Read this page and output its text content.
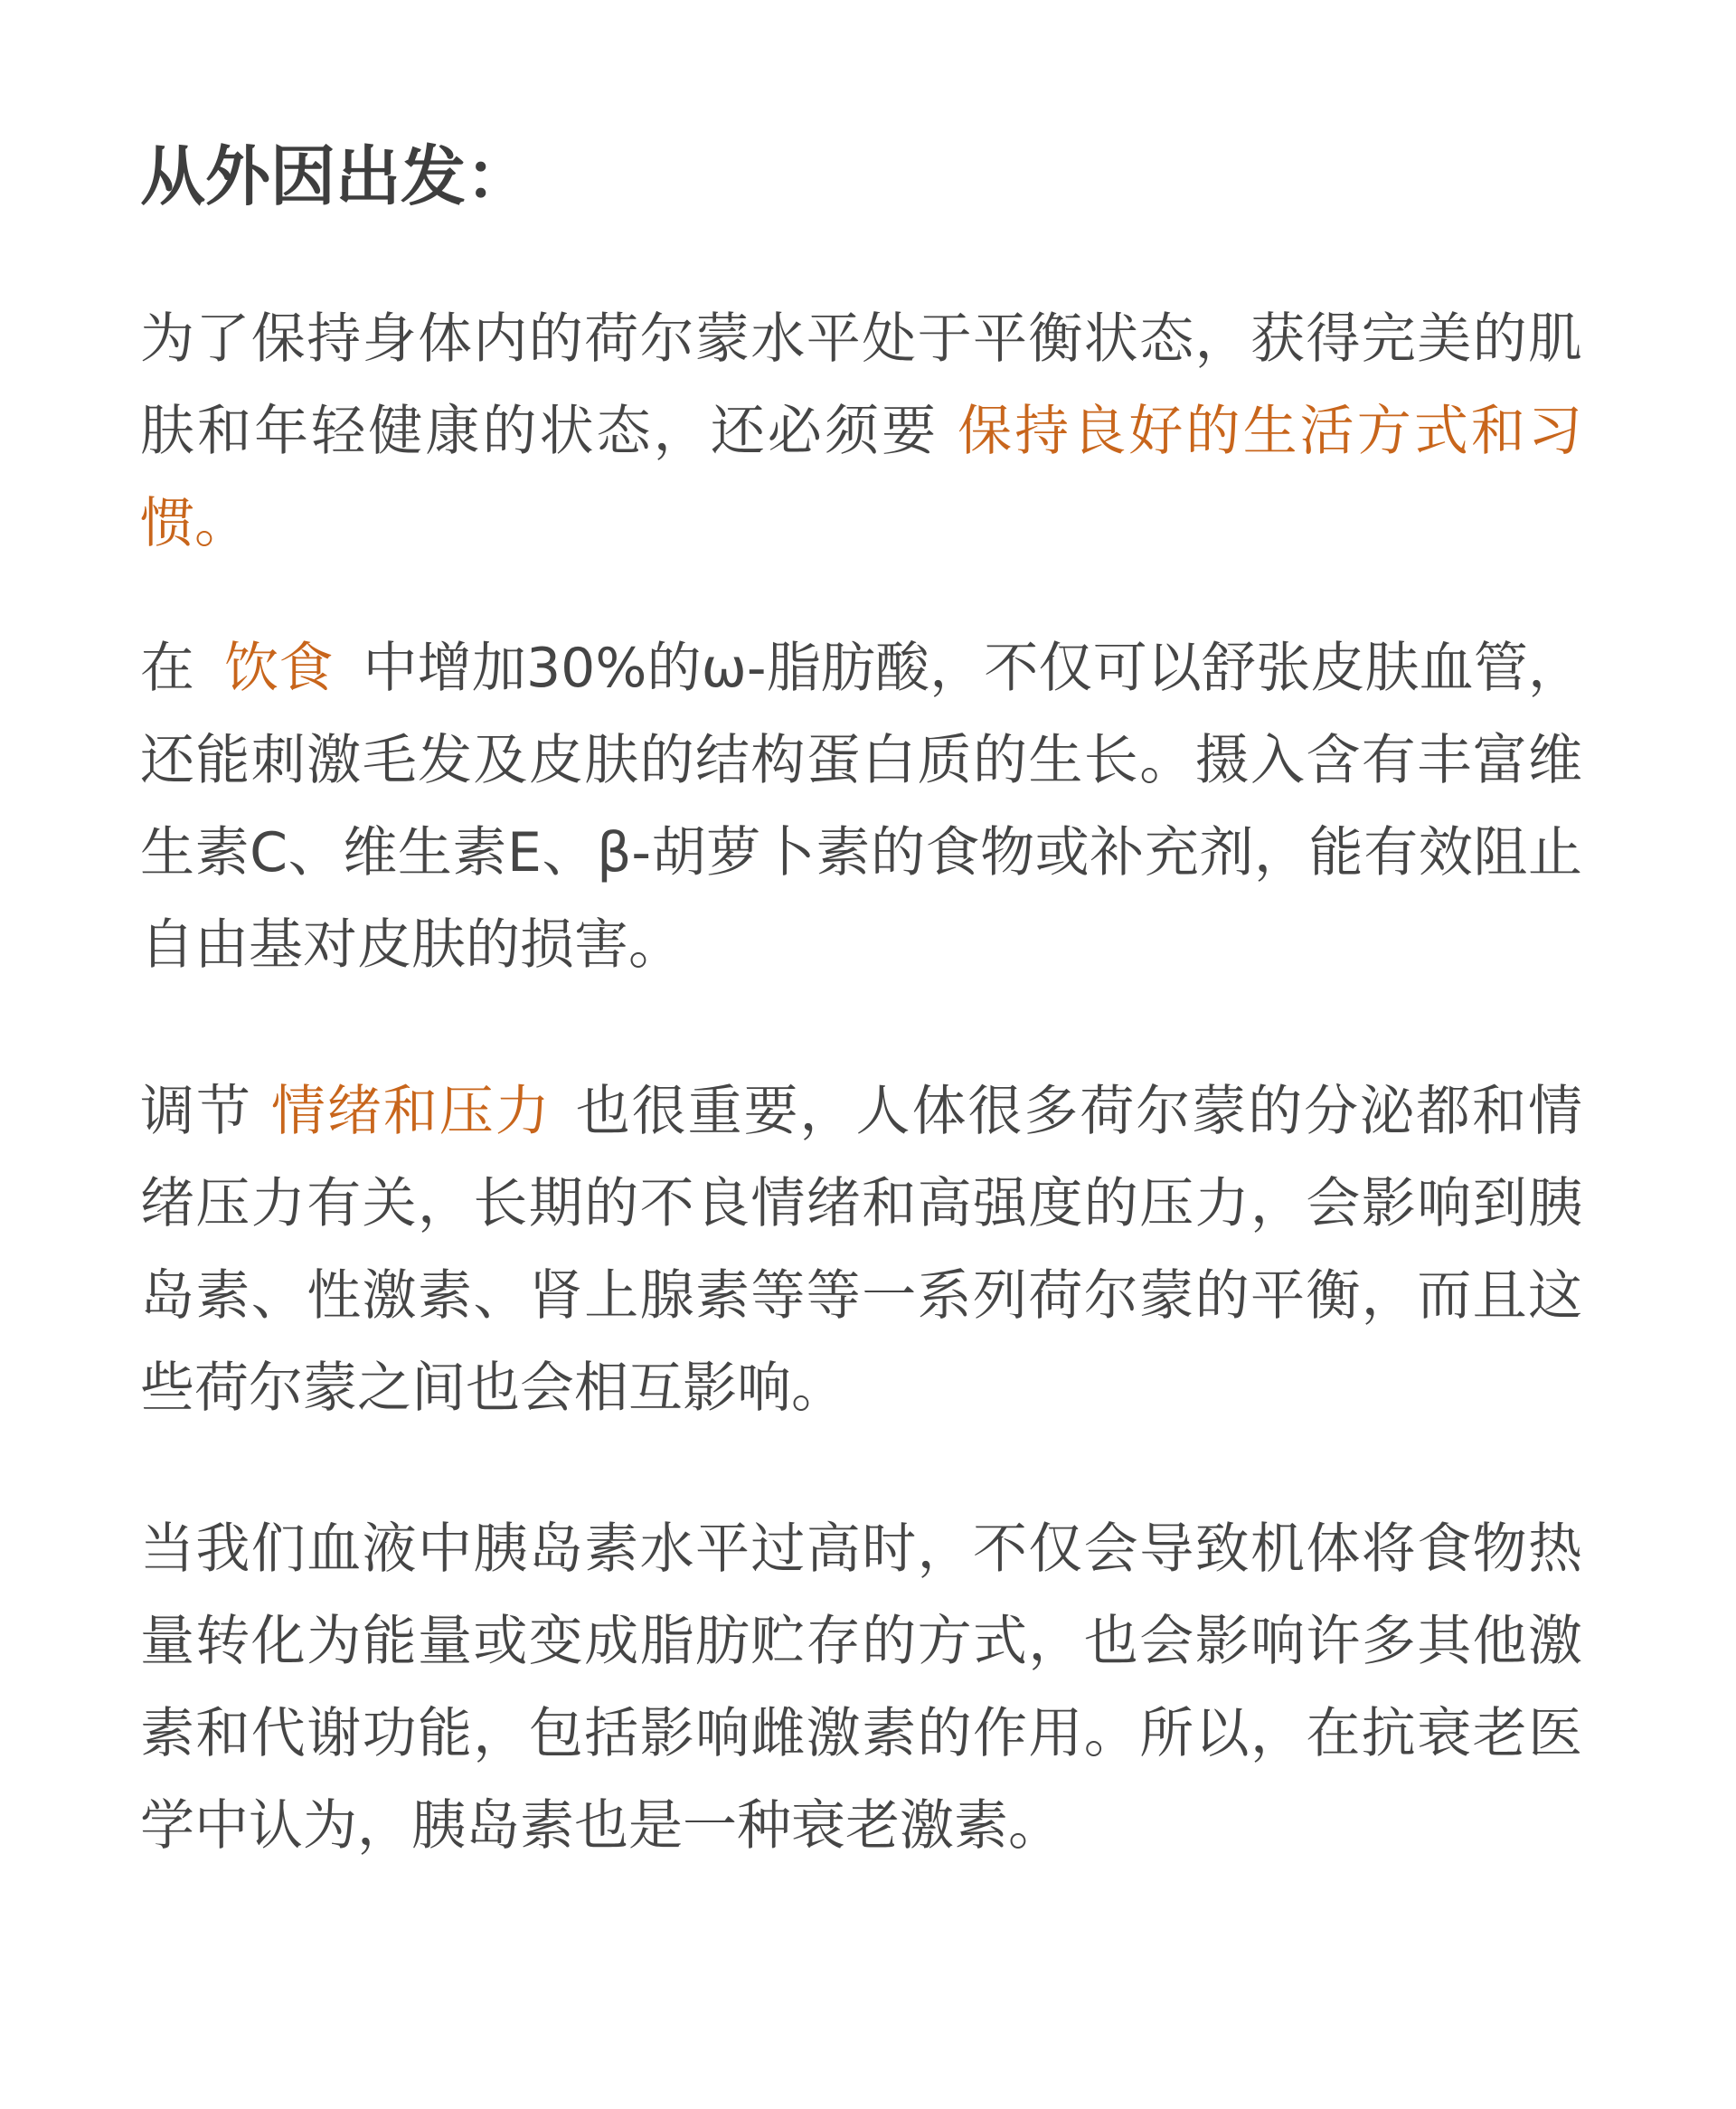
从外因出发：

为了保持身体内的荷尔蒙水平处于平衡状态，获得完美的肌肤和年轻健康的状态，还必须要 保持良好的生活方式和习惯。

在 饮食 中增加30%的ω-脂肪酸，不仅可以舒张皮肤血管，还能刺激毛发及皮肤的结构蛋白质的生长。摄入含有丰富维生素C、维生素E、β-胡萝卜素的食物或补充剂，能有效阻止自由基对皮肤的损害。

调节 情绪和压力 也很重要，人体很多荷尔蒙的分泌都和情绪压力有关，长期的不良情绪和高强度的压力，会影响到胰岛素、性激素、肾上腺素等等一系列荷尔蒙的平衡，而且这些荷尔蒙之间也会相互影响。

当我们血液中胰岛素水平过高时，不仅会导致机体将食物热量转化为能量或变成脂肪贮存的方式，也会影响许多其他激素和代谢功能，包括影响雌激素的作用。所以，在抗衰老医学中认为，胰岛素也是一种衰老激素。
